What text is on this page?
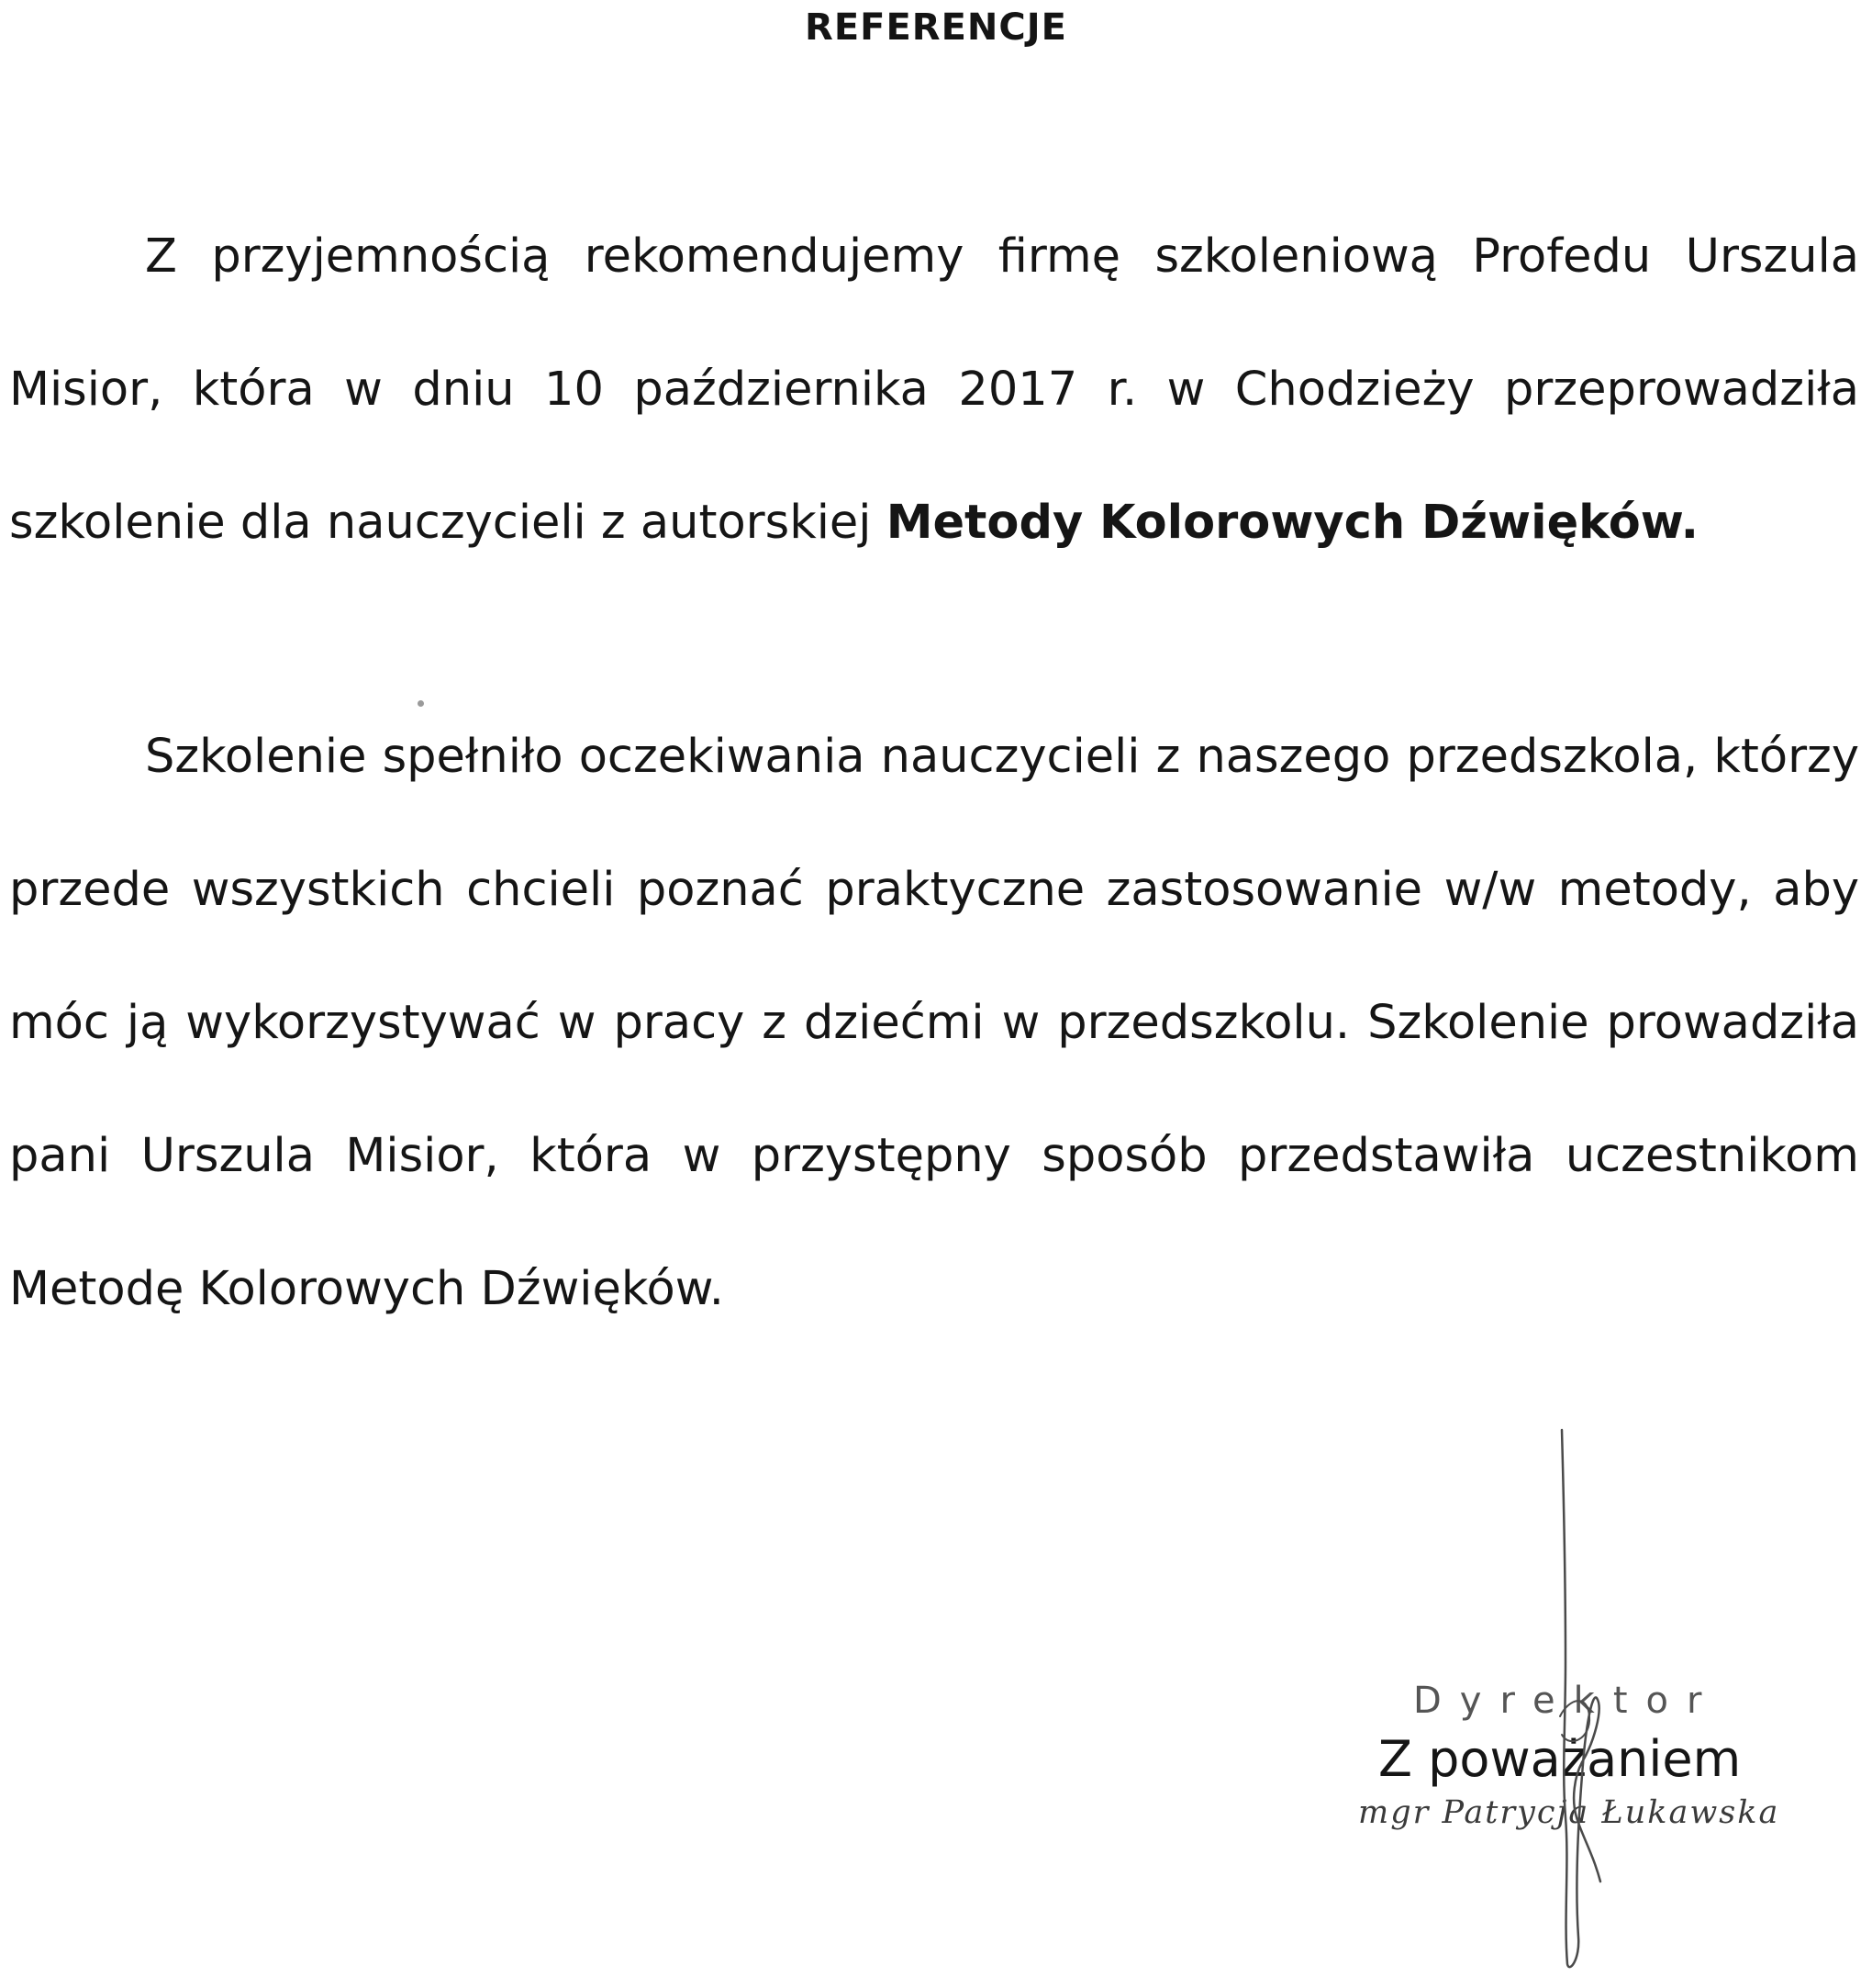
REFERENCJE
Z przyjemnością rekomendujemy firmę szkoleniową Profedu Urszula
Misior, która w dniu 10 października 2017 r. w Chodzieży przeprowadziła
szkolenie dla nauczycieli z autorskiej Metody Kolorowych Dźwięków.
Szkolenie spełniło oczekiwania nauczycieli z naszego przedszkola, którzy
przede wszystkich chcieli poznać praktyczne zastosowanie w/w metody, aby
móc ją wykorzystywać w pracy z dziećmi w przedszkolu. Szkolenie prowadziła
pani Urszula Misior, która w przystępny sposób przedstawiła uczestnikom
Metodę Kolorowych Dźwięków.
Dyrektor
Z poważaniem
mgr Patrycja Łukawska
